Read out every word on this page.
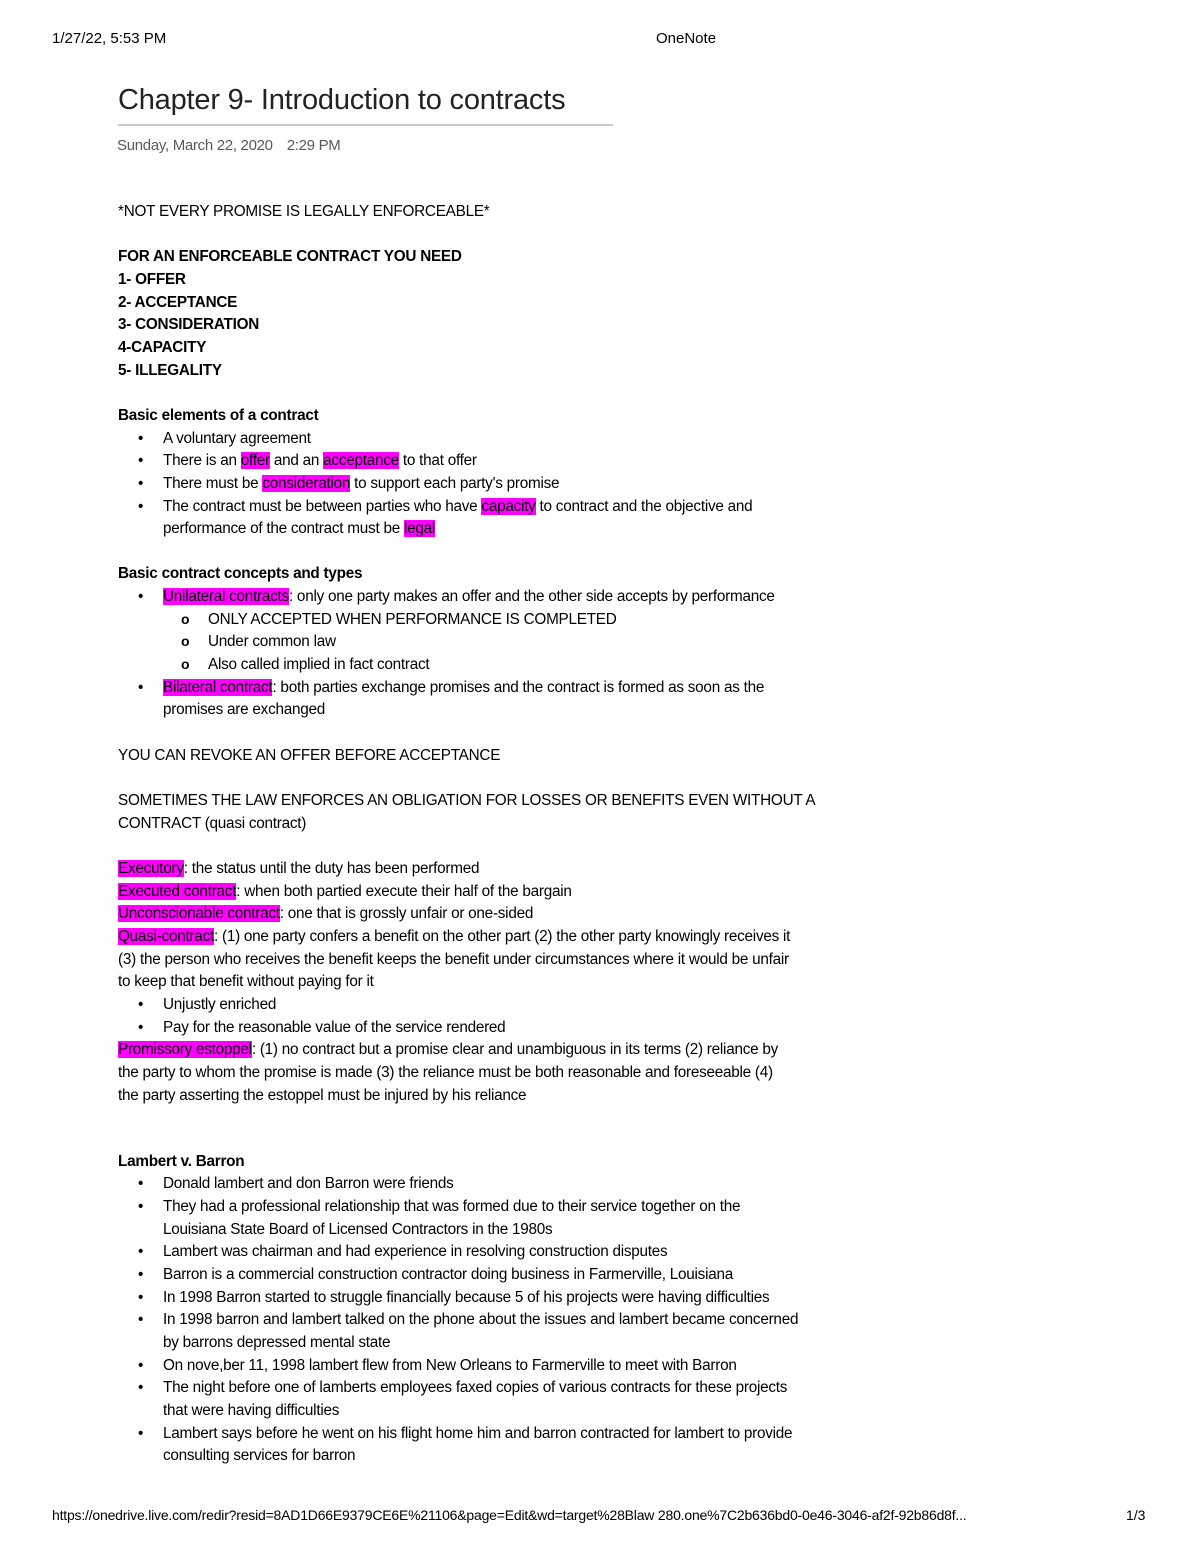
1/27/22, 5:53 PM	OneNote
Chapter 9- Introduction to contracts
Sunday, March 22, 2020 2:29 PM
*NOT EVERY PROMISE IS LEGALLY ENFORCEABLE*
FOR AN ENFORCEABLE CONTRACT YOU NEED
1- OFFER
2- ACCEPTANCE
3- CONSIDERATION
4-CAPACITY
5- ILLEGALITY
Basic elements of a contract
• A voluntary agreement
• There is an offer and an acceptance to that offer
• There must be consideration to support each party's promise
• The contract must be between parties who have capacity to contract and the objective and
performance of the contract must be legal
Basic contract concepts and types
• Unilateral contracts: only one party makes an offer and the other side accepts by performance
o ONLY ACCEPTED WHEN PERFORMANCE IS COMPLETED
o Under common law
o Also called implied in fact contract
• Bilateral contract: both parties exchange promises and the contract is formed as soon as the
promises are exchanged
YOU CAN REVOKE AN OFFER BEFORE ACCEPTANCE
SOMETIMES THE LAW ENFORCES AN OBLIGATION FOR LOSSES OR BENEFITS EVEN WITHOUT A
CONTRACT (quasi contract)
Executory: the status until the duty has been performed
Executed contract: when both partied execute their half of the bargain
Unconscionable contract: one that is grossly unfair or one-sided
Quasi-contract: (1) one party confers a benefit on the other part (2) the other party knowingly receives it
(3) the person who receives the benefit keeps the benefit under circumstances where it would be unfair
to keep that benefit without paying for it
• Unjustly enriched
• Pay for the reasonable value of the service rendered
Promissory estoppel: (1) no contract but a promise clear and unambiguous in its terms (2) reliance by
the party to whom the promise is made (3) the reliance must be both reasonable and foreseeable (4)
the party asserting the estoppel must be injured by his reliance
Lambert v. Barron
• Donald lambert and don Barron were friends
• They had a professional relationship that was formed due to their service together on the
Louisiana State Board of Licensed Contractors in the 1980s
• Lambert was chairman and had experience in resolving construction disputes
• Barron is a commercial construction contractor doing business in Farmerville, Louisiana
• In 1998 Barron started to struggle financially because 5 of his projects were having difficulties
• In 1998 barron and lambert talked on the phone about the issues and lambert became concerned
by barrons depressed mental state
• On nove,ber 11, 1998 lambert flew from New Orleans to Farmerville to meet with Barron
• The night before one of lamberts employees faxed copies of various contracts for these projects
that were having difficulties
• Lambert says before he went on his flight home him and barron contracted for lambert to provide
consulting services for barron
https://onedrive.live.com/redir?resid=8AD1D66E9379CE6E%21106&page=Edit&wd=target%28Blaw 280.one%7C2b636bd0-0e46-3046-af2f-92b86d8f...	1/3
